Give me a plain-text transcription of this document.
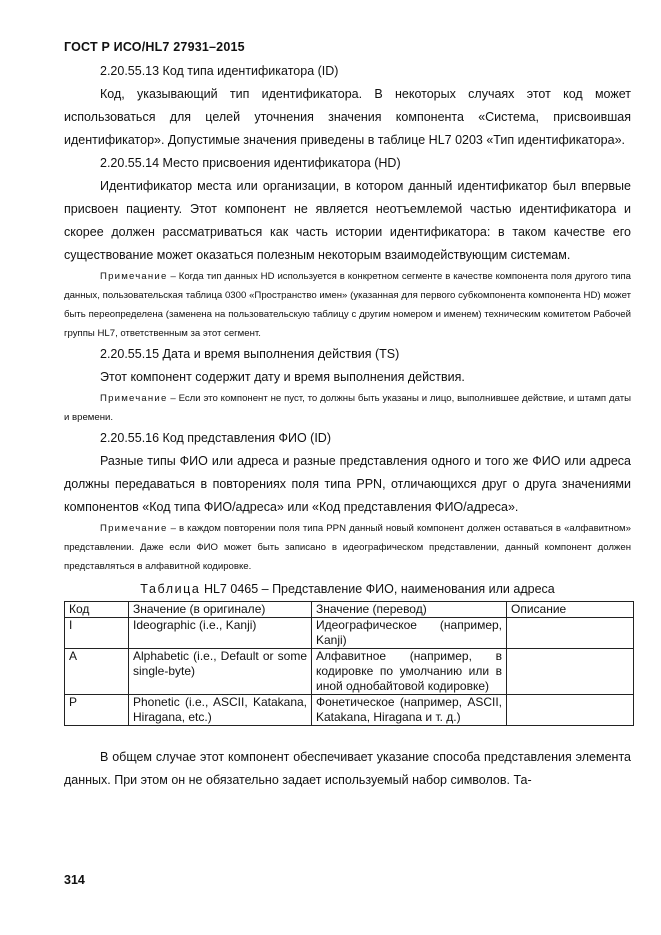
ГОСТ Р ИСО/HL7 27931–2015

2.20.55.13 Код типа идентификатора (ID)

Код, указывающий тип идентификатора. В некоторых случаях этот код может использоваться для целей уточнения значения компонента «Система, присвоившая идентификатор». Допустимые значения приведены в таблице HL7 0203 «Тип идентификатора».

2.20.55.14 Место присвоения идентификатора (HD)

Идентификатор места или организации, в котором данный идентификатор был впервые присвоен пациенту. Этот компонент не является неотъемлемой частью идентификатора и скорее должен рассматриваться как часть истории идентификатора: в таком качестве его существование может оказаться полезным некоторым взаимодействующим системам.

Примечание – Когда тип данных HD используется в конкретном сегменте в качестве компонента поля другого типа данных, пользовательская таблица 0300 «Пространство имен» (указанная для первого субкомпонента компонента HD) может быть переопределена (заменена на пользовательскую таблицу с другим номером и именем) техническим комитетом Рабочей группы HL7, ответственным за этот сегмент.

2.20.55.15 Дата и время выполнения действия (TS)

Этот компонент содержит дату и время выполнения действия.

Примечание – Если это компонент не пуст, то должны быть указаны и лицо, выполнившее действие, и штамп даты и времени.

2.20.55.16 Код представления ФИО (ID)

Разные типы ФИО или адреса и разные представления одного и того же ФИО или адреса должны передаваться в повторениях поля типа PPN, отличающихся друг о друга значениями компонентов «Код типа ФИО/адреса» или «Код представления ФИО/адреса».

Примечание – в каждом повторении поля типа PPN данный новый компонент должен оставаться в «алфавитном» представлении. Даже если ФИО может быть записано в идеографическом представлении, данный компонент должен представляться в алфавитной кодировке.

Таблица HL7 0465 – Представление ФИО, наименования или адреса

Код	Значение (в оригинале)	Значение (перевод)	Описание
I	Ideographic (i.e., Kanji)	Идеографическое (например, Kanji)	
A	Alphabetic (i.e., Default or some single-byte)	Алфавитное (например, в кодировке по умолчанию или в иной однобайтовой кодировке)	
P	Phonetic (i.e., ASCII, Katakana, Hiragana, etc.)	Фонетическое (например, ASCII, Katakana, Hiragana и т. д.)	

В общем случае этот компонент обеспечивает указание способа представления элемента данных. При этом он не обязательно задает используемый набор символов. Та-

314
